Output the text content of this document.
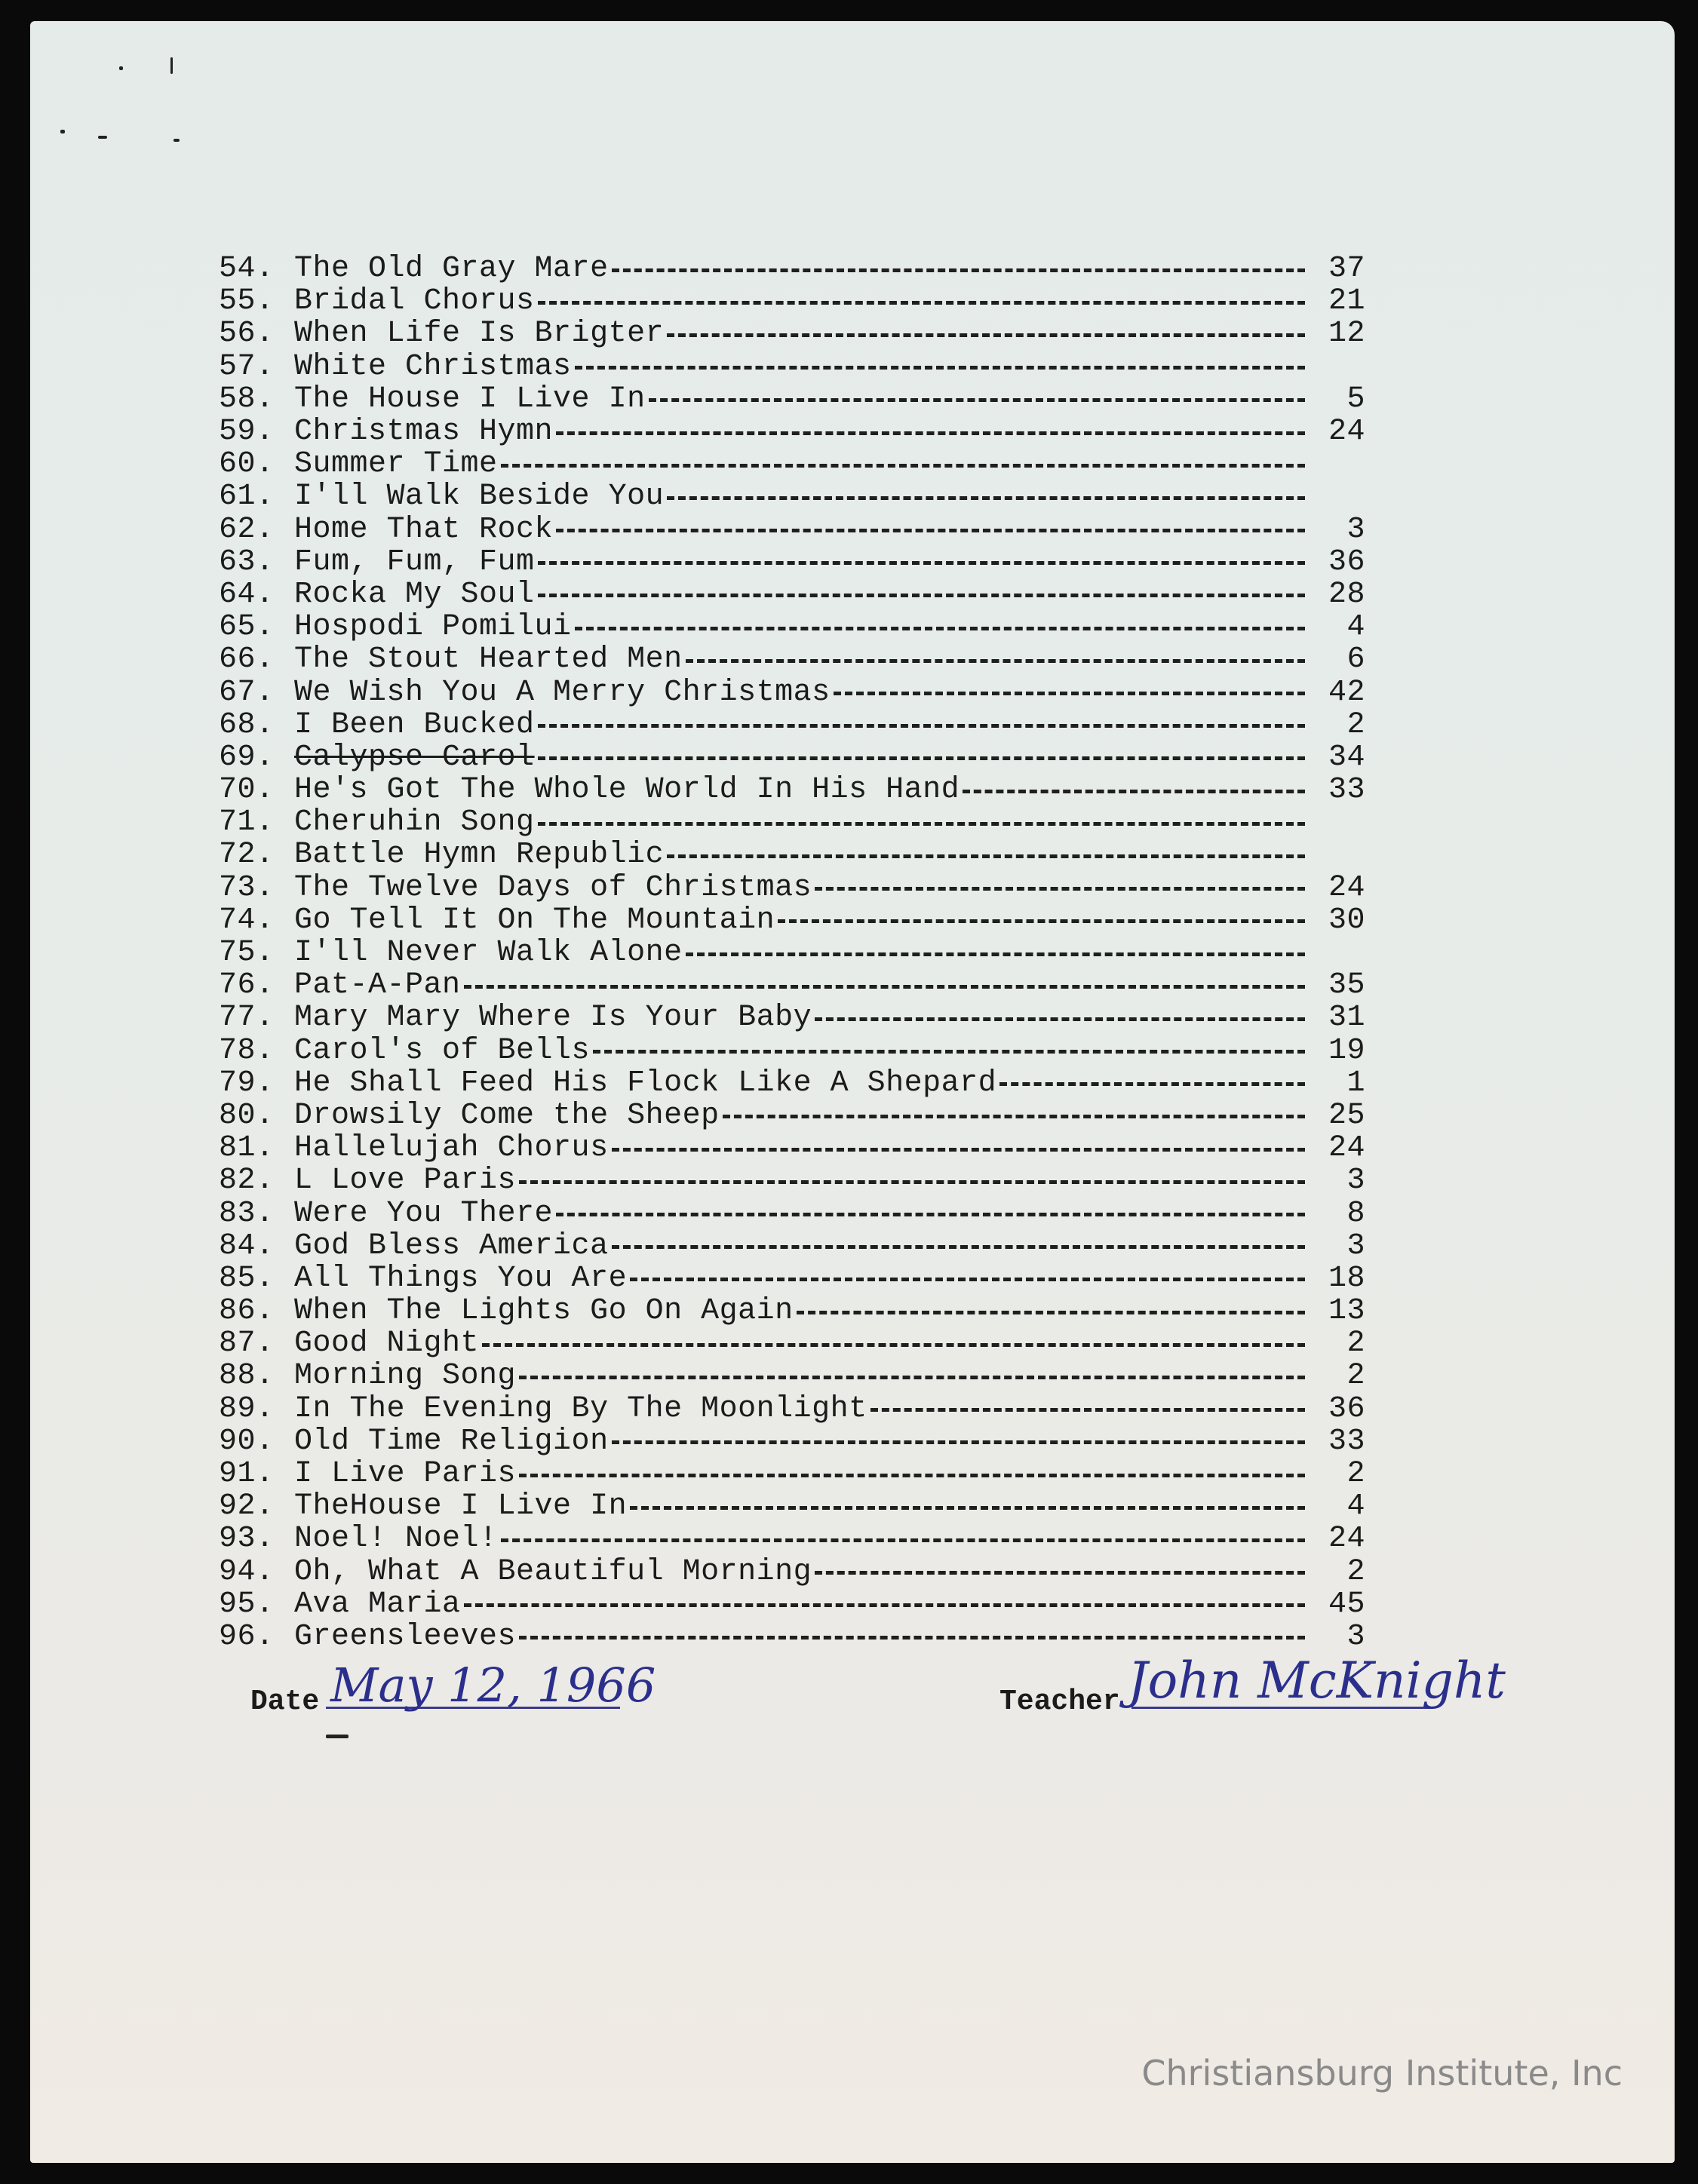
54. The Old Gray Mare	37
55. Bridal Chorus	21
56. When Life Is Brigter	12
57. White Christmas
58. The House I Live In	5
59. Christmas Hymn	24
60. Summer Time
61. I'll Walk Beside You
62. Home That Rock	3
63. Fum, Fum, Fum	36
64. Rocka My Soul	28
65. Hospodi Pomilui	4
66. The Stout Hearted Men	6
67. We Wish You A Merry Christmas	42
68. I Been Bucked	2
69. Calypse Carol	34
70. He's Got The Whole World In His Hand	33
71. Cheruhin Song
72. Battle Hymn Republic
73. The Twelve Days of Christmas	24
74. Go Tell It On The Mountain	30
75. I'll Never Walk Alone
76. Pat-A-Pan	35
77. Mary Mary Where Is Your Baby	31
78. Carol's of Bells	19
79. He Shall Feed His Flock Like A Shepard	1
80. Drowsily Come the Sheep	25
81. Hallelujah Chorus	24
82. L Love Paris	3
83. Were You There	8
84. God Bless America	3
85. All Things You Are	18
86. When The Lights Go On Again	13
87. Good Night	2
88. Morning Song	2
89. In The Evening By The Moonlight	36
90. Old Time Religion	33
91. I Live Paris	2
92. TheHouse I Live In	4
93. Noel! Noel!	24
94. Oh, What A Beautiful Morning	2
95. Ava Maria	45
96. Greensleeves	3
Date May 12, 1966	Teacher John McKnight
Christiansburg Institute, Inc
